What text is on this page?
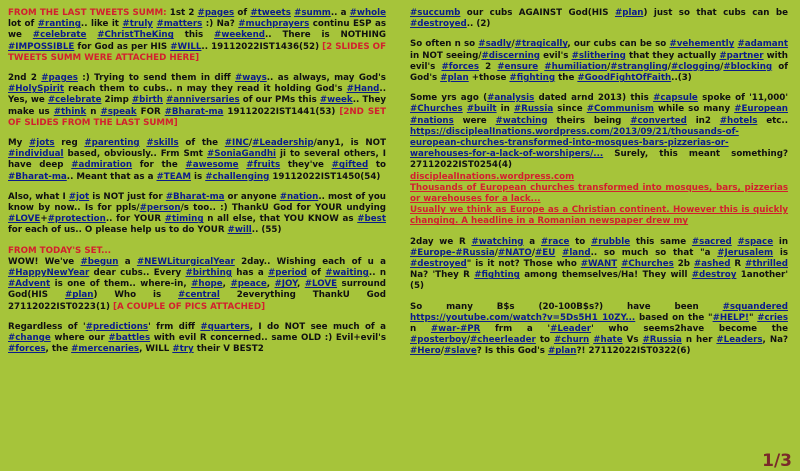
FROM THE LAST TWEETS SUMM: 1st 2 #pages of #tweets #summ.. a #whole lot of #ranting.. like it #truly #matters :) Na? #muchprayers continu ESP as we #celebrate #ChristTheKing this #weekend.. There is NOTHING #IMPOSSIBLE for God as per HIS #WILL.. 19112022IST1436(52) [2 SLIDES OF TWEETS SUMM WERE ATTACHED HERE]

2nd 2 #pages :) Trying to send them in diff #ways.. as always, may God's #HolySpirit reach them to cubs.. n may they read it holding God's #Hand.. Yes, we #celebrate 2imp #birth #anniversaries of our PMs this #week.. They make us #think n #speak FOR #Bharat-ma 19112022IST1441(53) [2ND SET OF SLIDES FROM THE LAST SUMM]

My #jots reg #parenting #skills of the #INC/#Leadership/any1, is NOT #individual based, obviously.. Frm Smt #SoniaGandhi ji to several others, I have deep #admiration for the #awesome #fruits they've #gifted to #Bharat-ma.. Meant that as a #TEAM is #challenging 19112022IST1450(54)

Also, what I #jot is NOT just for #Bharat-ma or anyone #nation.. most of you know by now.. Is for ppls/#person/s too.. :) ThankU God for YOUR undying #LOVE+#protection.. for YOUR #timing n all else, that YOU KNOW as #best for each of us.. O please help us to do YOUR #will.. (55)

FROM TODAY'S SET...

WOW! We've #begun a #NEWLiturgicalYear 2day.. Wishing each of u a #HappyNewYear dear cubs.. Every #birthing has a #period of #waiting.. n #Advent is one of them.. where-in, #hope, #peace, #JOY, #LOVE surround God(HIS #plan) Who is #central 2everything ThankU God 27112022IST0223(1) [A COUPLE OF PICS ATTACHED]

Regardless of '#predictions' frm diff #quarters, I do NOT see much of a #change where our #battles with evil R concerned.. same OLD :) Evil+evil's #forces, the #mercenaries, WILL #try their V BEST2

#succumb our cubs AGAINST God(HIS #plan) just so that cubs can be #destroyed.. (2)

So often n so #sadly/#tragically, our cubs can be so #vehemently #adamant in NOT seeing/#discerning evil's #slithering that they actually #partner with evil's #forces 2 #ensure #humiliation/#strangling/#clogging/#blocking of God's #plan +those #fighting the #GoodFightOfFaith..(3)

Some yrs ago (#analysis dated arnd 2013) this #capsule spoke of '11,000' #Churches #built in #Russia since #Communism while so many #European #nations were #watching theirs being #converted in2 #hotels etc.. https://disciplealInations.wordpress.com/2013/09/21/thousands-of-european-churches-transformed-into-mosques-bars-pizzerias-or-warehouses-for-a-lack-of-worshipers/... Surely, this meant something? 27112022IST0254(4)

disciplealInations.wordpress.com
Thousands of European churches transformed into mosques, bars, pizzerias or warehouses for a lack...
Usually we think as Europe as a Christian continent. However this is quickly changing. A headline in a Romanian newspaper drew my

2day we R #watching a #race to #rubble this same #sacred #space in #Europe-#Russia/#NATO/#EU #land.. so much so that "a #Jerusalem is #destroyed" is it not? Those who #WANT #Churches 2b #ashed R #thrilled Na? 'They R #fighting among themselves/Ha! They will #destroy 1another' (5)

So many B$s (20-100B$s?) have been #squandered https://youtube.com/watch?v=5Ds5H1_10ZY... based on the "#HELP!" #cries n #war-#PR frm a '#Leader' who seems2have become the #posterboy/#cheerleader to #churn #hate Vs #Russia n her #Leaders, Na? #Hero/#slave? Is this God's #plan?! 27112022IST0322(6)

1/3
